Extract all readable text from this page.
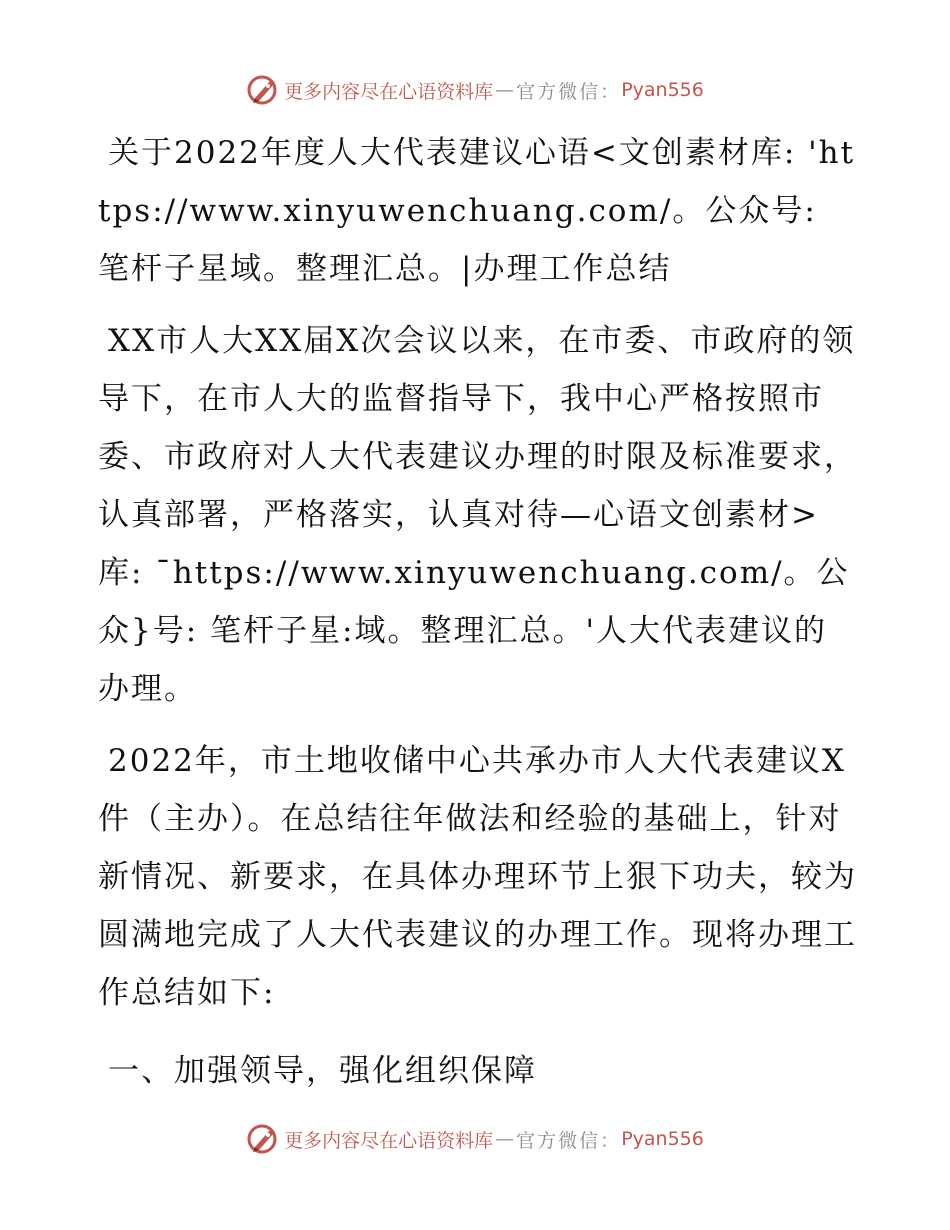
更多内容尽在心语资料库 — 官方微信： Pyan556

关于2022年度人大代表建议心语<文创素材库: 'https://www.xinyuwenchuang.com/。公众号: 笔杆子星域。整理汇总。|办理工作总结

XX市人大XX届X次会议以来，在市委、市政府的领导下，在市人大的监督指导下，我中心严格按照市委、市政府对人大代表建议办理的时限及标准要求，认真部署，严格落实，认真对待—心语文创素材>库: ¯https://www.xinyuwenchuang.com/。公众}号: 笔杆子星:域。整理汇总。'人大代表建议的办理。

2022年，市土地收储中心共承办市人大代表建议X件（主办）。在总结往年做法和经验的基础上，针对新情况、新要求，在具体办理环节上狠下功夫，较为圆满地完成了人大代表建议的办理工作。现将办理工作总结如下:

一、加强领导，强化组织保障

更多内容尽在心语资料库 — 官方微信： Pyan556
